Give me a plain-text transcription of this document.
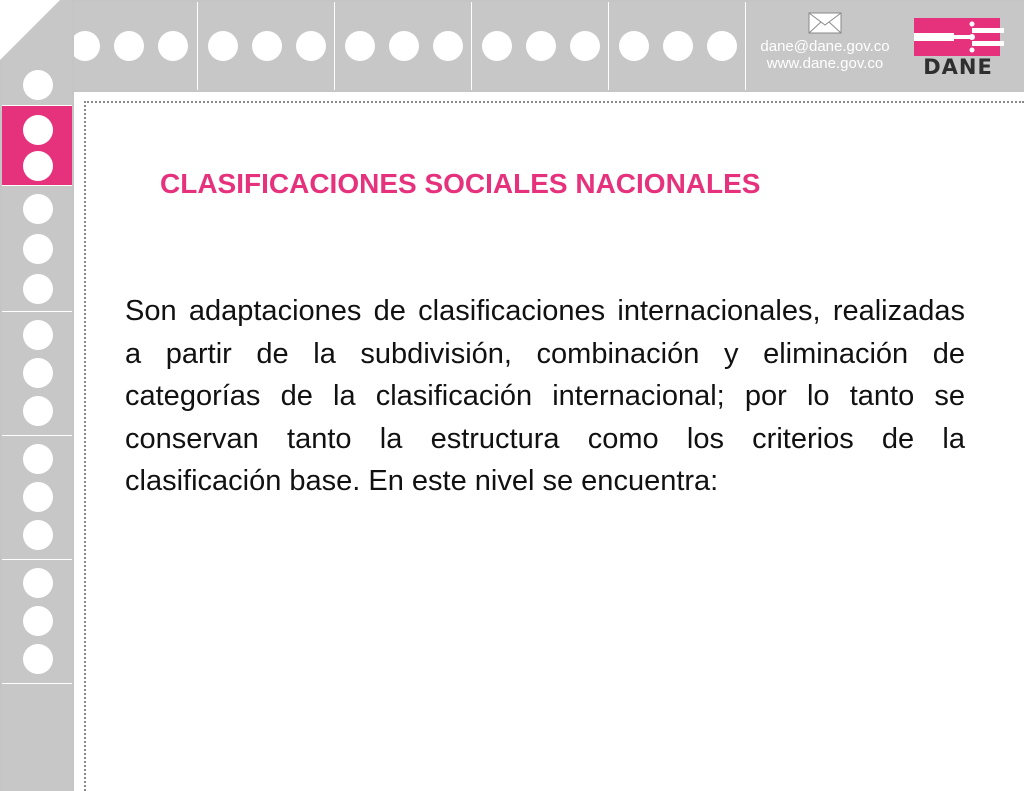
dane@dane.gov.co
www.dane.gov.co	DANE
CLASIFICACIONES SOCIALES NACIONALES

Son adaptaciones de clasificaciones internacionales, realizadas a partir de la subdivisión, combinación y eliminación de categorías de la clasificación internacional; por lo tanto se conservan tanto la estructura como los criterios de la clasificación base. En este nivel se encuentra:
